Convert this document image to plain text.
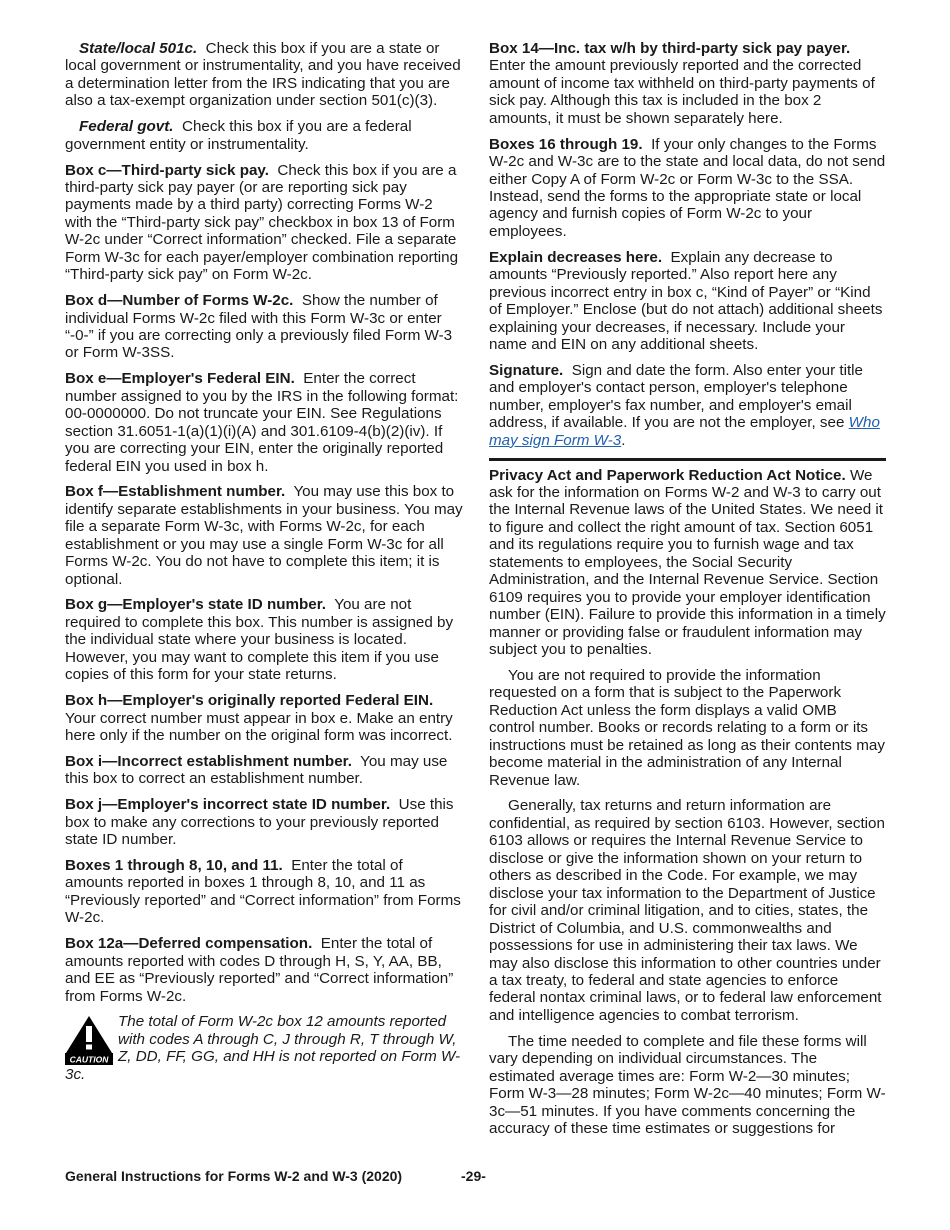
State/local 501c. Check this box if you are a state or local government or instrumentality, and you have received a determination letter from the IRS indicating that you are also a tax-exempt organization under section 501(c)(3).

Federal govt. Check this box if you are a federal government entity or instrumentality.

Box c—Third-party sick pay. Check this box if you are a third-party sick pay payer (or are reporting sick pay payments made by a third party) correcting Forms W-2 with the “Third-party sick pay” checkbox in box 13 of Form W-2c under “Correct information” checked. File a separate Form W-3c for each payer/employer combination reporting “Third-party sick pay” on Form W-2c.

Box d—Number of Forms W-2c. Show the number of individual Forms W-2c filed with this Form W-3c or enter “-0-” if you are correcting only a previously filed Form W-3 or Form W-3SS.

Box e—Employer's Federal EIN. Enter the correct number assigned to you by the IRS in the following format: 00-0000000. Do not truncate your EIN. See Regulations section 31.6051-1(a)(1)(i)(A) and 301.6109-4(b)(2)(iv). If you are correcting your EIN, enter the originally reported federal EIN you used in box h.

Box f—Establishment number. You may use this box to identify separate establishments in your business. You may file a separate Form W-3c, with Forms W-2c, for each establishment or you may use a single Form W-3c for all Forms W-2c. You do not have to complete this item; it is optional.

Box g—Employer's state ID number. You are not required to complete this box. This number is assigned by the individual state where your business is located. However, you may want to complete this item if you use copies of this form for your state returns.

Box h—Employer's originally reported Federal EIN. Your correct number must appear in box e. Make an entry here only if the number on the original form was incorrect.

Box i—Incorrect establishment number. You may use this box to correct an establishment number.

Box j—Employer's incorrect state ID number. Use this box to make any corrections to your previously reported state ID number.

Boxes 1 through 8, 10, and 11. Enter the total of amounts reported in boxes 1 through 8, 10, and 11 as “Previously reported” and “Correct information” from Forms W-2c.

Box 12a—Deferred compensation. Enter the total of amounts reported with codes D through H, S, Y, AA, BB, and EE as “Previously reported” and “Correct information” from Forms W-2c.

CAUTION
The total of Form W-2c box 12 amounts reported with codes A through C, J through R, T through W, Z, DD, FF, GG, and HH is not reported on Form W-3c.

Box 14—Inc. tax w/h by third-party sick pay payer. Enter the amount previously reported and the corrected amount of income tax withheld on third-party payments of sick pay. Although this tax is included in the box 2 amounts, it must be shown separately here.

Boxes 16 through 19. If your only changes to the Forms W-2c and W-3c are to the state and local data, do not send either Copy A of Form W-2c or Form W-3c to the SSA. Instead, send the forms to the appropriate state or local agency and furnish copies of Form W-2c to your employees.

Explain decreases here. Explain any decrease to amounts “Previously reported.” Also report here any previous incorrect entry in box c, “Kind of Payer” or “Kind of Employer.” Enclose (but do not attach) additional sheets explaining your decreases, if necessary. Include your name and EIN on any additional sheets.

Signature. Sign and date the form. Also enter your title and employer's contact person, employer's telephone number, employer's fax number, and employer's email address, if available. If you are not the employer, see Who may sign Form W-3.

Privacy Act and Paperwork Reduction Act Notice. We ask for the information on Forms W-2 and W-3 to carry out the Internal Revenue laws of the United States. We need it to figure and collect the right amount of tax. Section 6051 and its regulations require you to furnish wage and tax statements to employees, the Social Security Administration, and the Internal Revenue Service. Section 6109 requires you to provide your employer identification number (EIN). Failure to provide this information in a timely manner or providing false or fraudulent information may subject you to penalties.

You are not required to provide the information requested on a form that is subject to the Paperwork Reduction Act unless the form displays a valid OMB control number. Books or records relating to a form or its instructions must be retained as long as their contents may become material in the administration of any Internal Revenue law.

Generally, tax returns and return information are confidential, as required by section 6103. However, section 6103 allows or requires the Internal Revenue Service to disclose or give the information shown on your return to others as described in the Code. For example, we may disclose your tax information to the Department of Justice for civil and/or criminal litigation, and to cities, states, the District of Columbia, and U.S. commonwealths and possessions for use in administering their tax laws. We may also disclose this information to other countries under a tax treaty, to federal and state agencies to enforce federal nontax criminal laws, or to federal law enforcement and intelligence agencies to combat terrorism.

The time needed to complete and file these forms will vary depending on individual circumstances. The estimated average times are: Form W-2—30 minutes; Form W-3—28 minutes; Form W-2c—40 minutes; Form W-3c—51 minutes. If you have comments concerning the accuracy of these time estimates or suggestions for

General Instructions for Forms W-2 and W-3 (2020)	-29-
